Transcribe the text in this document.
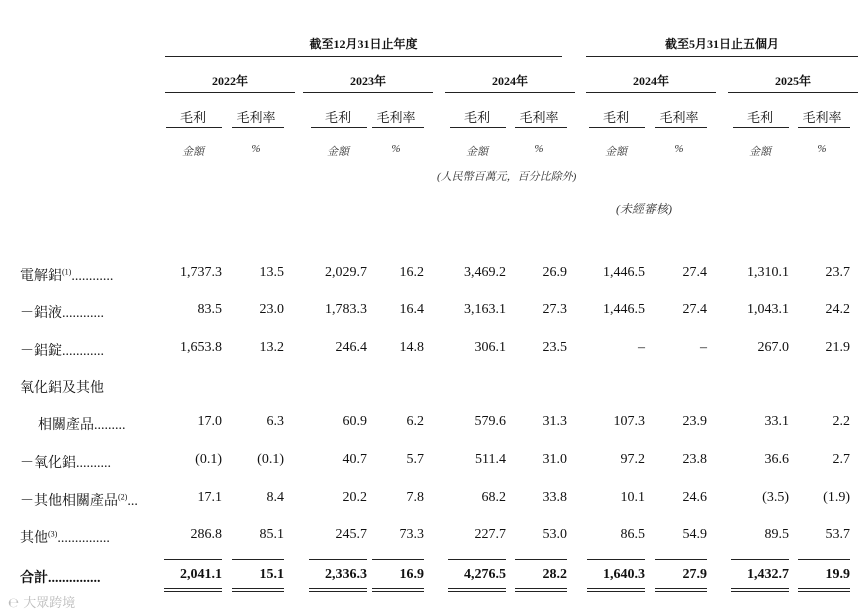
截至12月31日止年度	截至5月31日止五個月
2022年
毛利	毛利率
金額	%
2023年
毛利	毛利率
金額	%
2024年
毛利	毛利率
金額	%
2024年
毛利	毛利率
金額	%
2025年
毛利	毛利率
金額	%
(人民幣百萬元，百分比除外)
(未經審核)
電解鋁$^{(1)}$............	1,737.3	13.5	2,029.7	16.2	3,469.2	26.9	1,446.5	27.4	1,310.1	23.7
－鋁液............	83.5	23.0	1,783.3	16.4	3,163.1	27.3	1,446.5	27.4	1,043.1	24.2
－鋁錠............	1,653.8	13.2	246.4	14.8	306.1	23.5	–	–	267.0	21.9
氧化鋁及其他
相關產品.........	17.0	6.3	60.9	6.2	579.6	31.3	107.3	23.9	33.1	2.2
－氧化鋁..........	(0.1)	(0.1)	40.7	5.7	511.4	31.0	97.2	23.8	36.6	2.7
－其他相關產品$^{(2)}$...	17.1	8.4	20.2	7.8	68.2	33.8	10.1	24.6	(3.5)	(1.9)
其他$^{(3)}$...............	286.8	85.1	245.7	73.3	227.7	53.0	86.5	54.9	89.5	53.7
合計...............	2,041.1	15.1	2,336.3	16.9	4,276.5	28.2	1,640.3	27.9	1,432.7	19.9
℮ 大眾跨境
